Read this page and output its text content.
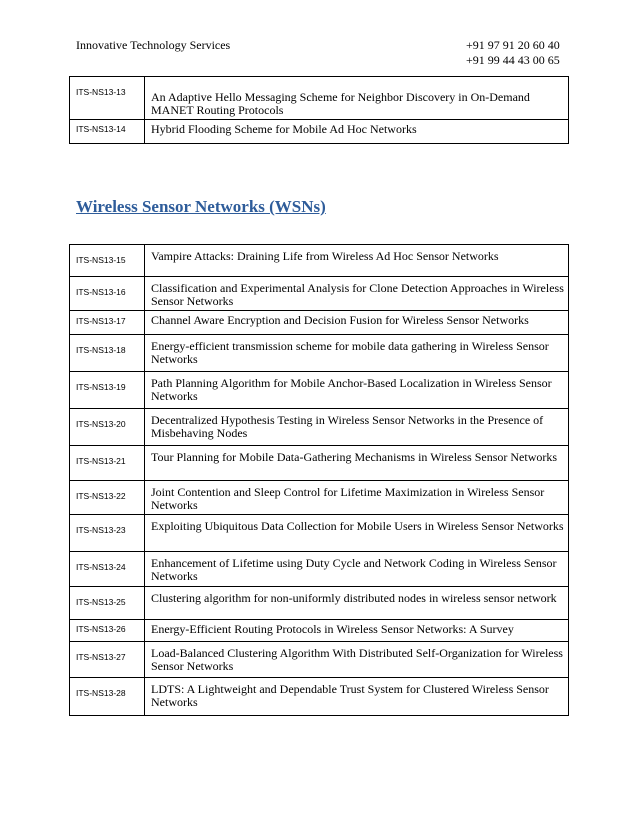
Innovative Technology Services	+91 97 91 20 60 40
+91 99 44 43 00 65
ITS-NS13-13	An Adaptive Hello Messaging Scheme for Neighbor Discovery in On-Demand MANET Routing Protocols
ITS-NS13-14	Hybrid Flooding Scheme for Mobile Ad Hoc Networks
Wireless Sensor Networks (WSNs)
ITS-NS13-15	Vampire Attacks: Draining Life from Wireless Ad Hoc Sensor Networks
ITS-NS13-16	Classification and Experimental Analysis for Clone Detection Approaches in Wireless Sensor Networks
ITS-NS13-17	Channel Aware Encryption and Decision Fusion for Wireless Sensor Networks
ITS-NS13-18	Energy-efficient transmission scheme for mobile data gathering in Wireless Sensor Networks
ITS-NS13-19	Path Planning Algorithm for Mobile Anchor-Based Localization in Wireless Sensor Networks
ITS-NS13-20	Decentralized Hypothesis Testing in Wireless Sensor Networks in the Presence of Misbehaving Nodes
ITS-NS13-21	Tour Planning for Mobile Data-Gathering Mechanisms in Wireless Sensor Networks
ITS-NS13-22	Joint Contention and Sleep Control for Lifetime Maximization in Wireless Sensor Networks
ITS-NS13-23	Exploiting Ubiquitous Data Collection for Mobile Users in Wireless Sensor Networks
ITS-NS13-24	Enhancement of Lifetime using Duty Cycle and Network Coding in Wireless Sensor Networks
ITS-NS13-25	Clustering algorithm for non-uniformly distributed nodes in wireless sensor network
ITS-NS13-26	Energy-Efficient Routing Protocols in Wireless Sensor Networks: A Survey
ITS-NS13-27	Load-Balanced Clustering Algorithm With Distributed Self-Organization for Wireless Sensor Networks
ITS-NS13-28	LDTS: A Lightweight and Dependable Trust System for Clustered Wireless Sensor Networks
